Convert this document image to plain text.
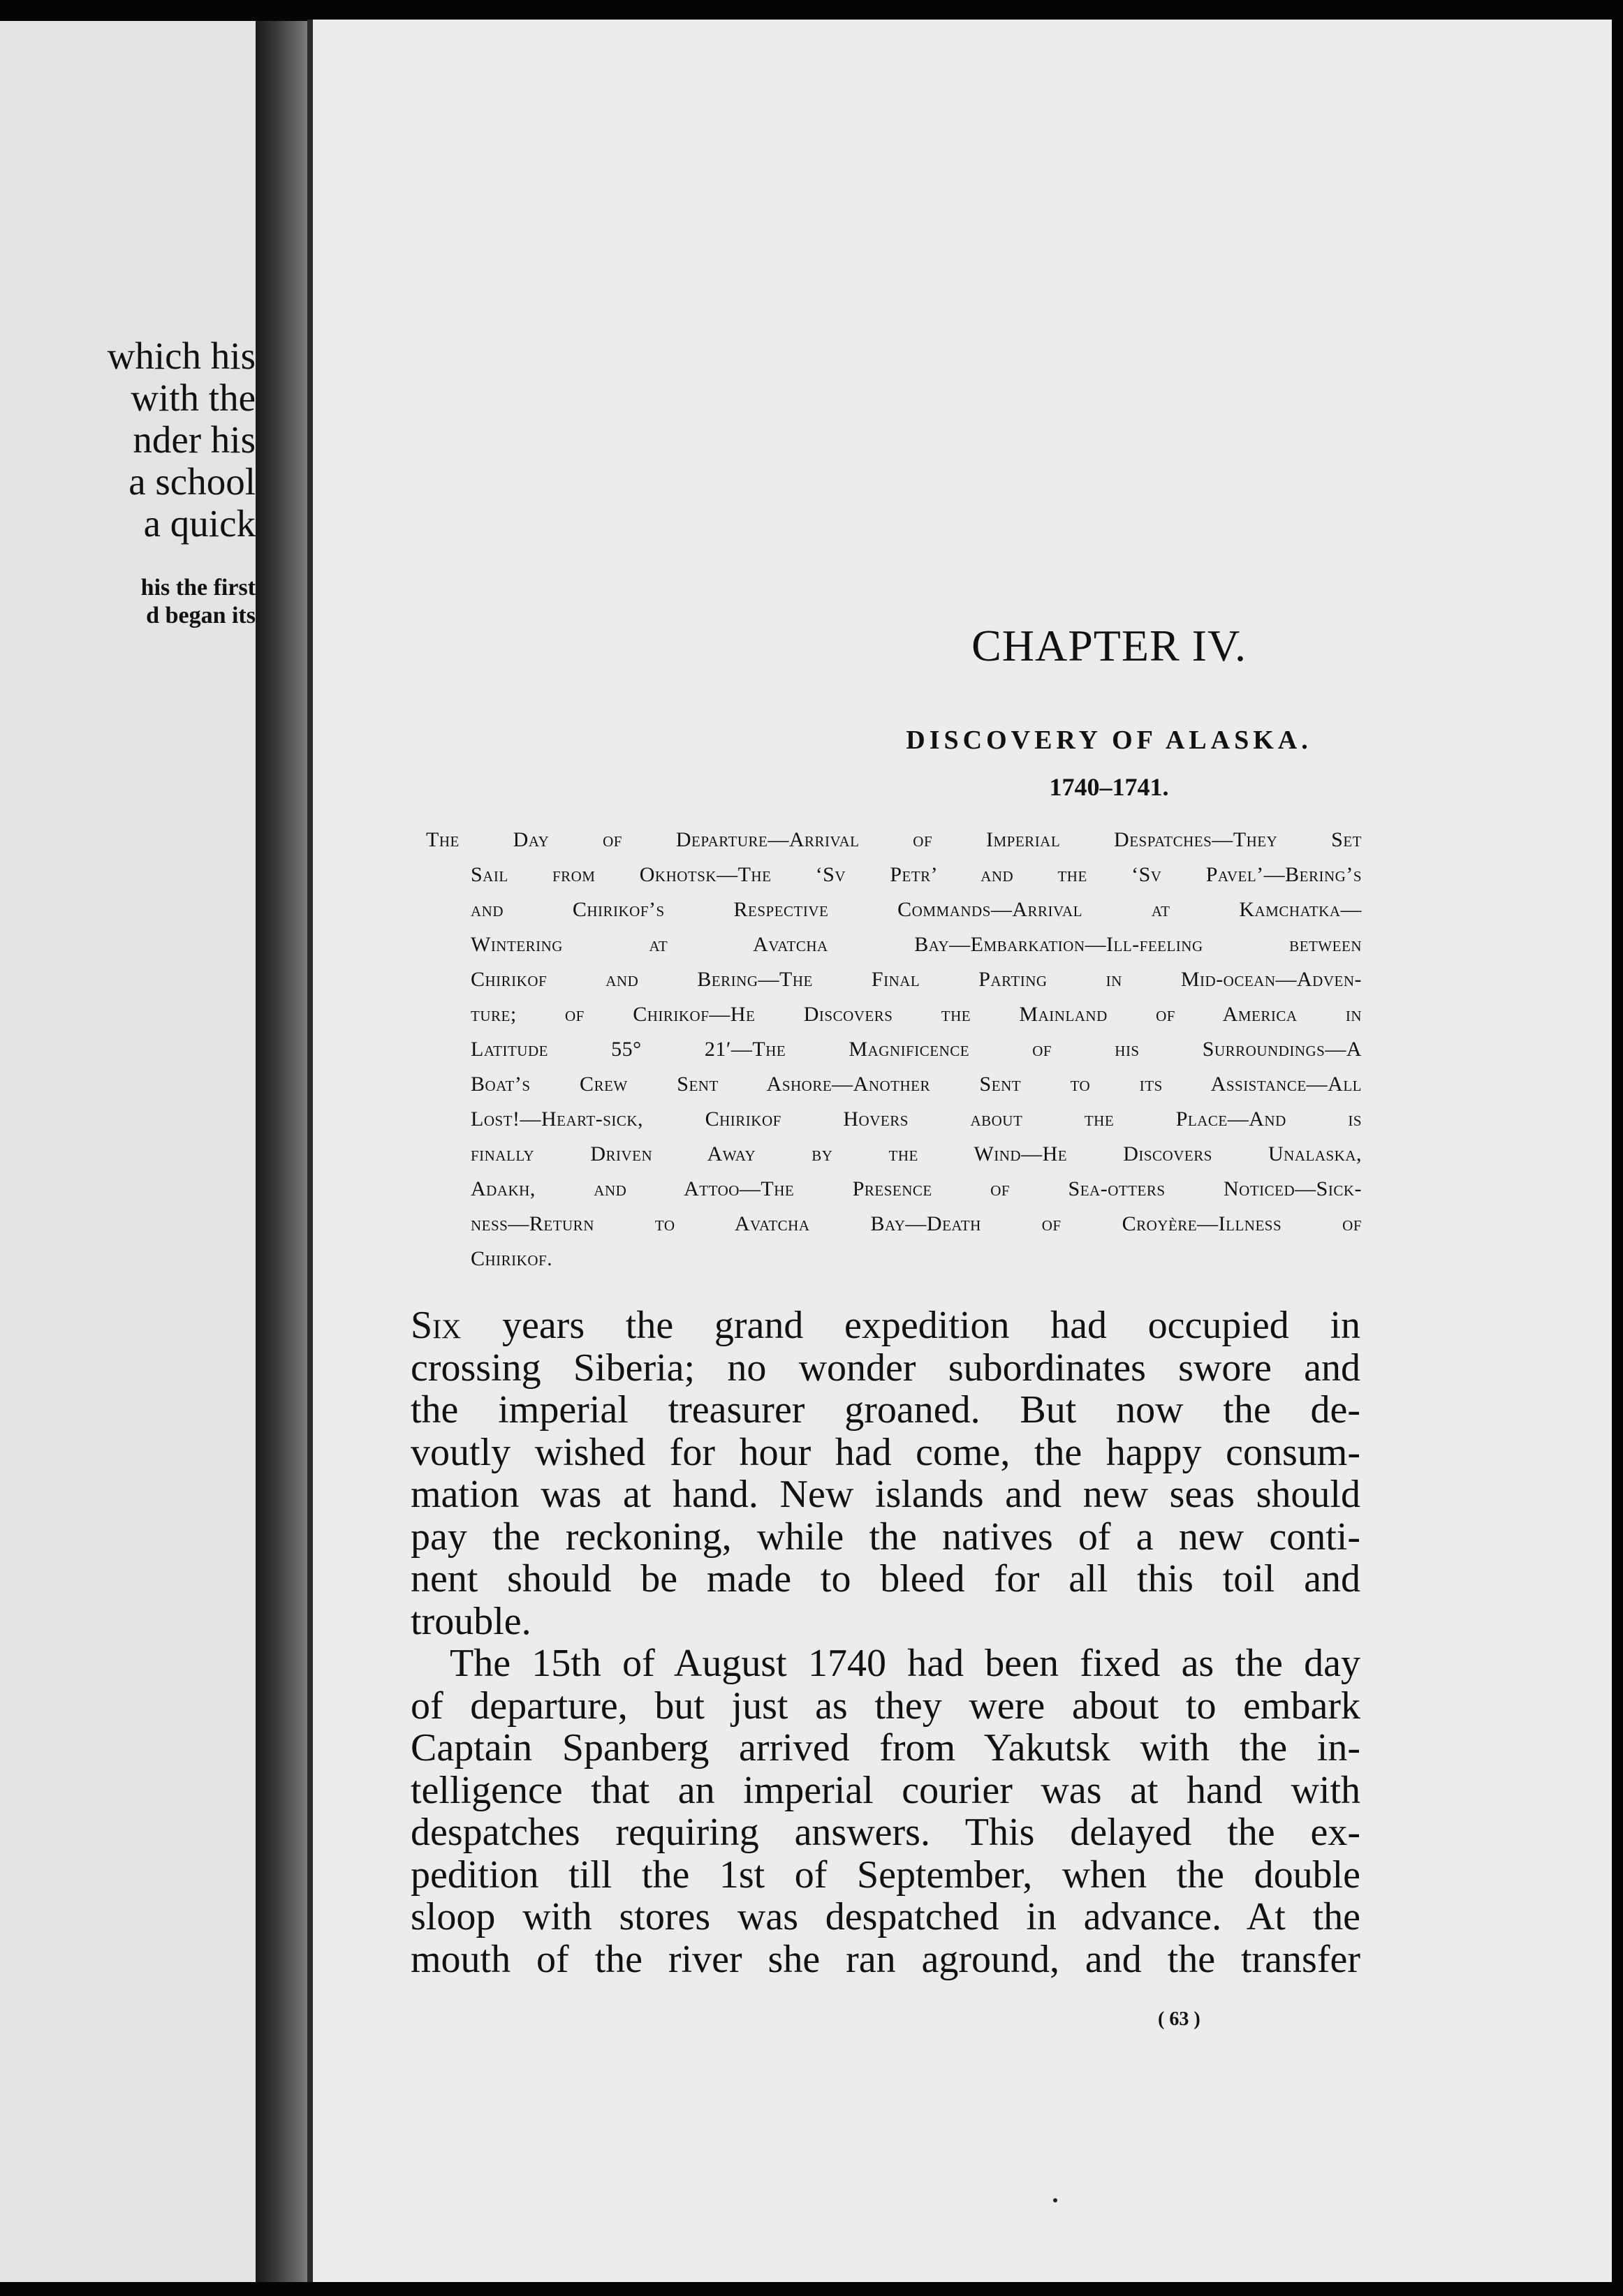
which his
with the
nder his
a school
a quick
his the first
d began its
CHAPTER IV.
DISCOVERY OF ALASKA.
1740–1741.
The Day of Departure—Arrival of Imperial Despatches—They Set
Sail from Okhotsk—The ‘Sv Petr’ and the ‘Sv Pavel’—Bering’s
and Chirikof’s Respective Commands—Arrival at Kamchatka—
Wintering at Avatcha Bay—Embarkation—Ill-feeling between
Chirikof and Bering—The Final Parting in Mid-ocean—Adven-
ture; of Chirikof—He Discovers the Mainland of America in
Latitude 55° 21′—The Magnificence of his Surroundings—A
Boat’s Crew Sent Ashore—Another Sent to its Assistance—All
Lost!—Heart-sick, Chirikof Hovers about the Place—And is
finally Driven Away by the Wind—He Discovers Unalaska,
Adakh, and Attoo—The Presence of Sea-otters Noticed—Sick-
ness—Return to Avatcha Bay—Death of Croyère—Illness of
Chirikof.
Six years the grand expedition had occupied in
crossing Siberia; no wonder subordinates swore and
the imperial treasurer groaned. But now the de-
voutly wished for hour had come, the happy consum-
mation was at hand. New islands and new seas should
pay the reckoning, while the natives of a new conti-
nent should be made to bleed for all this toil and
trouble.
The 15th of August 1740 had been fixed as the day
of departure, but just as they were about to embark
Captain Spanberg arrived from Yakutsk with the in-
telligence that an imperial courier was at hand with
despatches requiring answers. This delayed the ex-
pedition till the 1st of September, when the double
sloop with stores was despatched in advance. At the
mouth of the river she ran aground, and the transfer
( 63 )
